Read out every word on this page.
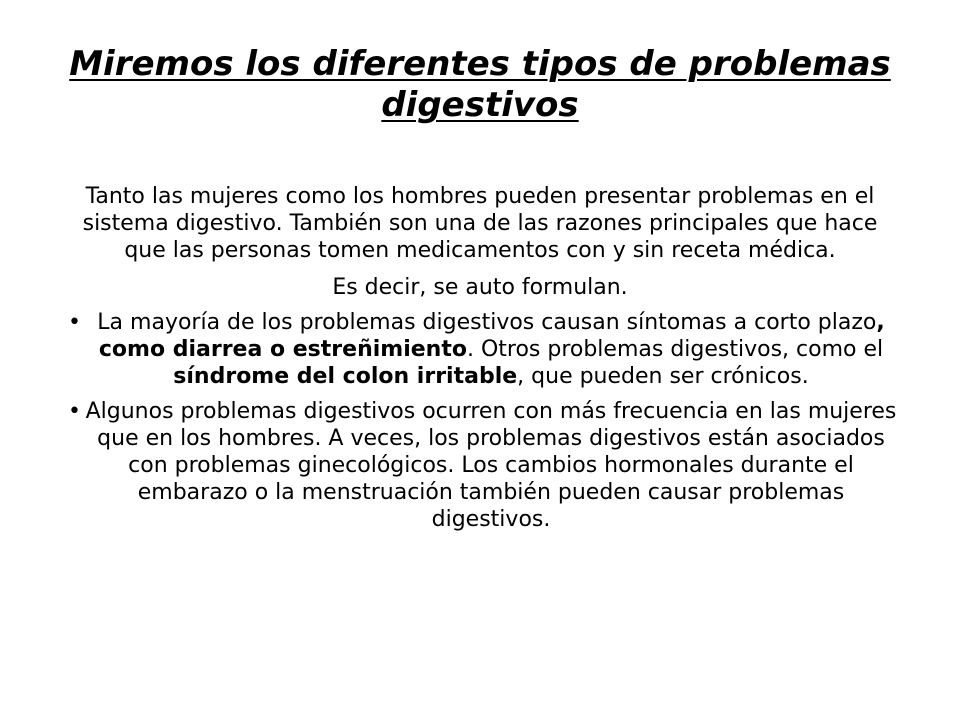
Miremos los diferentes tipos de problemas digestivos

Tanto las mujeres como los hombres pueden presentar problemas en el sistema digestivo. También son una de las razones principales que hace que las personas tomen medicamentos con y sin receta médica.

Es decir, se auto formulan.

• La mayoría de los problemas digestivos causan síntomas a corto plazo, como diarrea o estreñimiento. Otros problemas digestivos, como el síndrome del colon irritable, que pueden ser crónicos.
• Algunos problemas digestivos ocurren con más frecuencia en las mujeres que en los hombres. A veces, los problemas digestivos están asociados con problemas ginecológicos. Los cambios hormonales durante el embarazo o la menstruación también pueden causar problemas digestivos.
